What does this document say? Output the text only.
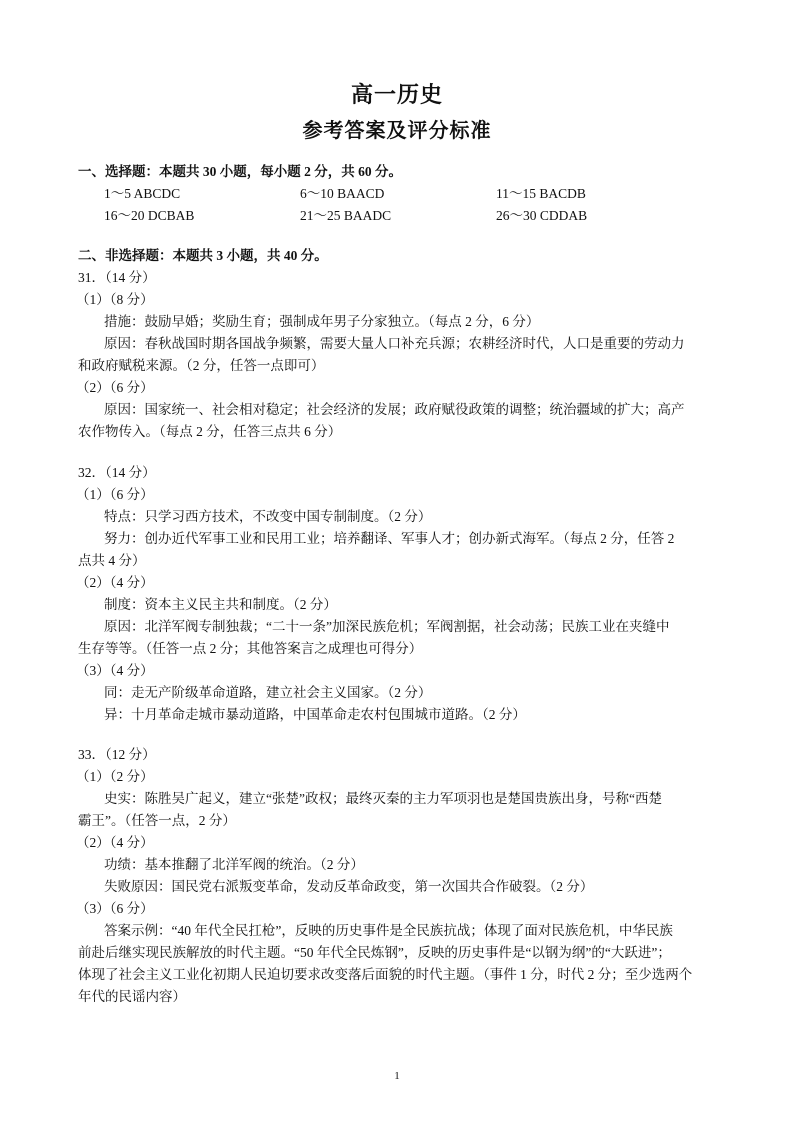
高一历史
参考答案及评分标准
一、选择题：本题共 30 小题，每小题 2 分，共 60 分。
1～5 ABCDC	6～10 BAACD	11～15 BACDB
16～20 DCBAB	21～25 BAADC	26～30 CDDAB
二、非选择题：本题共 3 小题，共 40 分。
31．（14 分）
（1）（8 分）
措施：鼓励早婚；奖励生育；强制成年男子分家独立。（每点 2 分，6 分）
原因：春秋战国时期各国战争频繁，需要大量人口补充兵源；农耕经济时代，人口是重要的劳动力
和政府赋税来源。（2 分，任答一点即可）
（2）（6 分）
原因：国家统一、社会相对稳定；社会经济的发展；政府赋役政策的调整；统治疆域的扩大；高产
农作物传入。（每点 2 分，任答三点共 6 分）
32．（14 分）
（1）（6 分）
特点：只学习西方技术，不改变中国专制制度。（2 分）
努力：创办近代军事工业和民用工业；培养翻译、军事人才；创办新式海军。（每点 2 分，任答 2
点共 4 分）
（2）（4 分）
制度：资本主义民主共和制度。（2 分）
原因：北洋军阀专制独裁；“二十一条”加深民族危机；军阀割据，社会动荡；民族工业在夹缝中
生存等等。（任答一点 2 分；其他答案言之成理也可得分）
（3）（4 分）
同：走无产阶级革命道路，建立社会主义国家。（2 分）
异：十月革命走城市暴动道路，中国革命走农村包围城市道路。（2 分）
33．（12 分）
（1）（2 分）
史实：陈胜吴广起义，建立“张楚”政权；最终灭秦的主力军项羽也是楚国贵族出身，号称“西楚
霸王”。（任答一点，2 分）
（2）（4 分）
功绩：基本推翻了北洋军阀的统治。（2 分）
失败原因：国民党右派叛变革命，发动反革命政变，第一次国共合作破裂。（2 分）
（3）（6 分）
答案示例：“40 年代全民扛枪”，反映的历史事件是全民族抗战；体现了面对民族危机，中华民族
前赴后继实现民族解放的时代主题。“50 年代全民炼钢”，反映的历史事件是“以钢为纲”的“大跃进”；
体现了社会主义工业化初期人民迫切要求改变落后面貌的时代主题。（事件 1 分，时代 2 分；至少选两个
年代的民谣内容）
1
